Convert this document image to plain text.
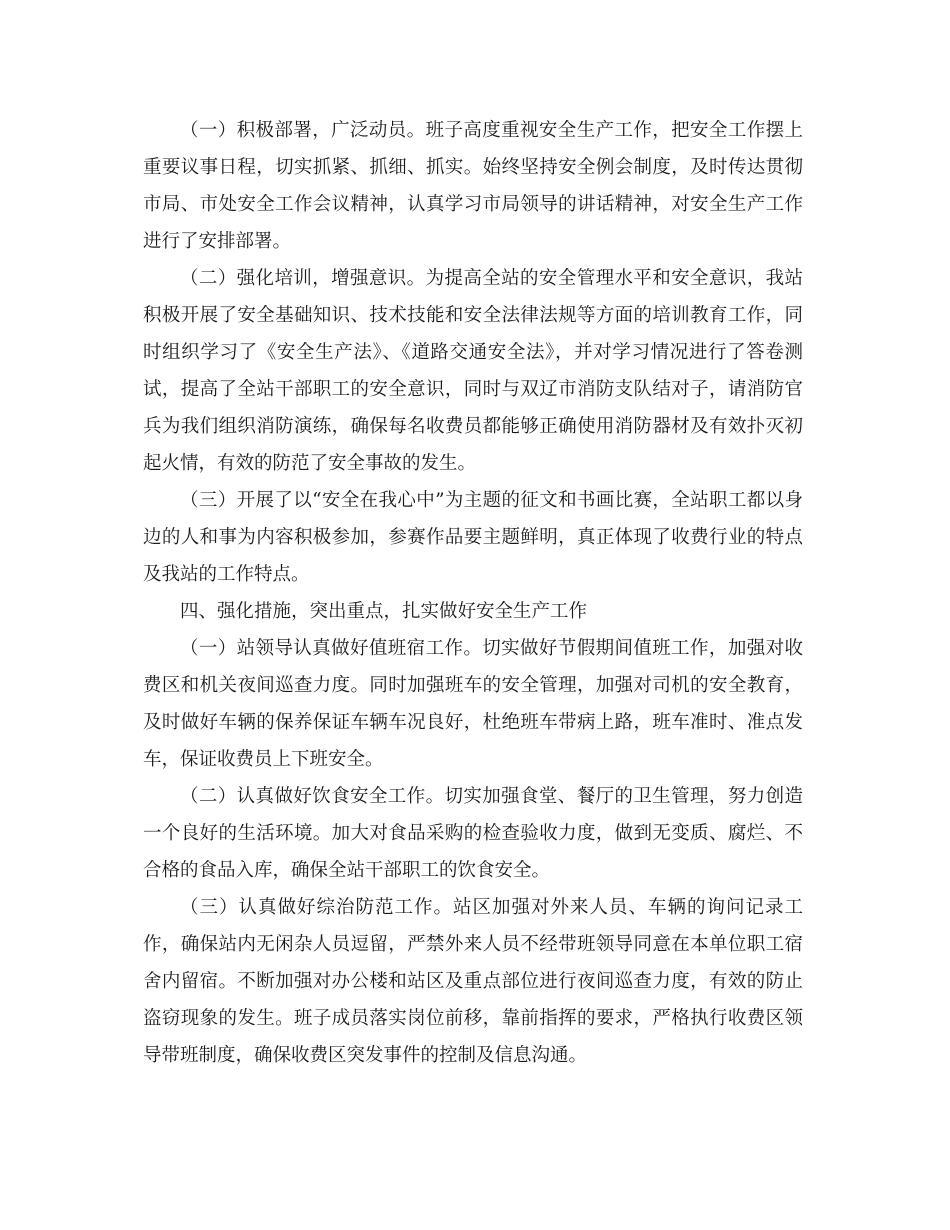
（一）积极部署，广泛动员。班子高度重视安全生产工作，把安全工作摆上重要议事日程，切实抓紧、抓细、抓实。始终坚持安全例会制度，及时传达贯彻市局、市处安全工作会议精神，认真学习市局领导的讲话精神，对安全生产工作进行了安排部署。

（二）强化培训，增强意识。为提高全站的安全管理水平和安全意识，我站积极开展了安全基础知识、技术技能和安全法律法规等方面的培训教育工作，同时组织学习了《安全生产法》、《道路交通安全法》，并对学习情况进行了答卷测试，提高了全站干部职工的安全意识，同时与双辽市消防支队结对子，请消防官兵为我们组织消防演练，确保每名收费员都能够正确使用消防器材及有效扑灭初起火情，有效的防范了安全事故的发生。

（三）开展了以“安全在我心中”为主题的征文和书画比赛，全站职工都以身边的人和事为内容积极参加，参赛作品要主题鲜明，真正体现了收费行业的特点及我站的工作特点。

四、强化措施，突出重点，扎实做好安全生产工作

（一）站领导认真做好值班宿工作。切实做好节假期间值班工作，加强对收费区和机关夜间巡查力度。同时加强班车的安全管理，加强对司机的安全教育，及时做好车辆的保养保证车辆车况良好，杜绝班车带病上路，班车准时、准点发车，保证收费员上下班安全。

（二）认真做好饮食安全工作。切实加强食堂、餐厅的卫生管理，努力创造一个良好的生活环境。加大对食品采购的检查验收力度，做到无变质、腐烂、不合格的食品入库，确保全站干部职工的饮食安全。

（三）认真做好综治防范工作。站区加强对外来人员、车辆的询问记录工作，确保站内无闲杂人员逗留，严禁外来人员不经带班领导同意在本单位职工宿舍内留宿。不断加强对办公楼和站区及重点部位进行夜间巡查力度，有效的防止盗窃现象的发生。班子成员落实岗位前移，靠前指挥的要求，严格执行收费区领导带班制度，确保收费区突发事件的控制及信息沟通。
